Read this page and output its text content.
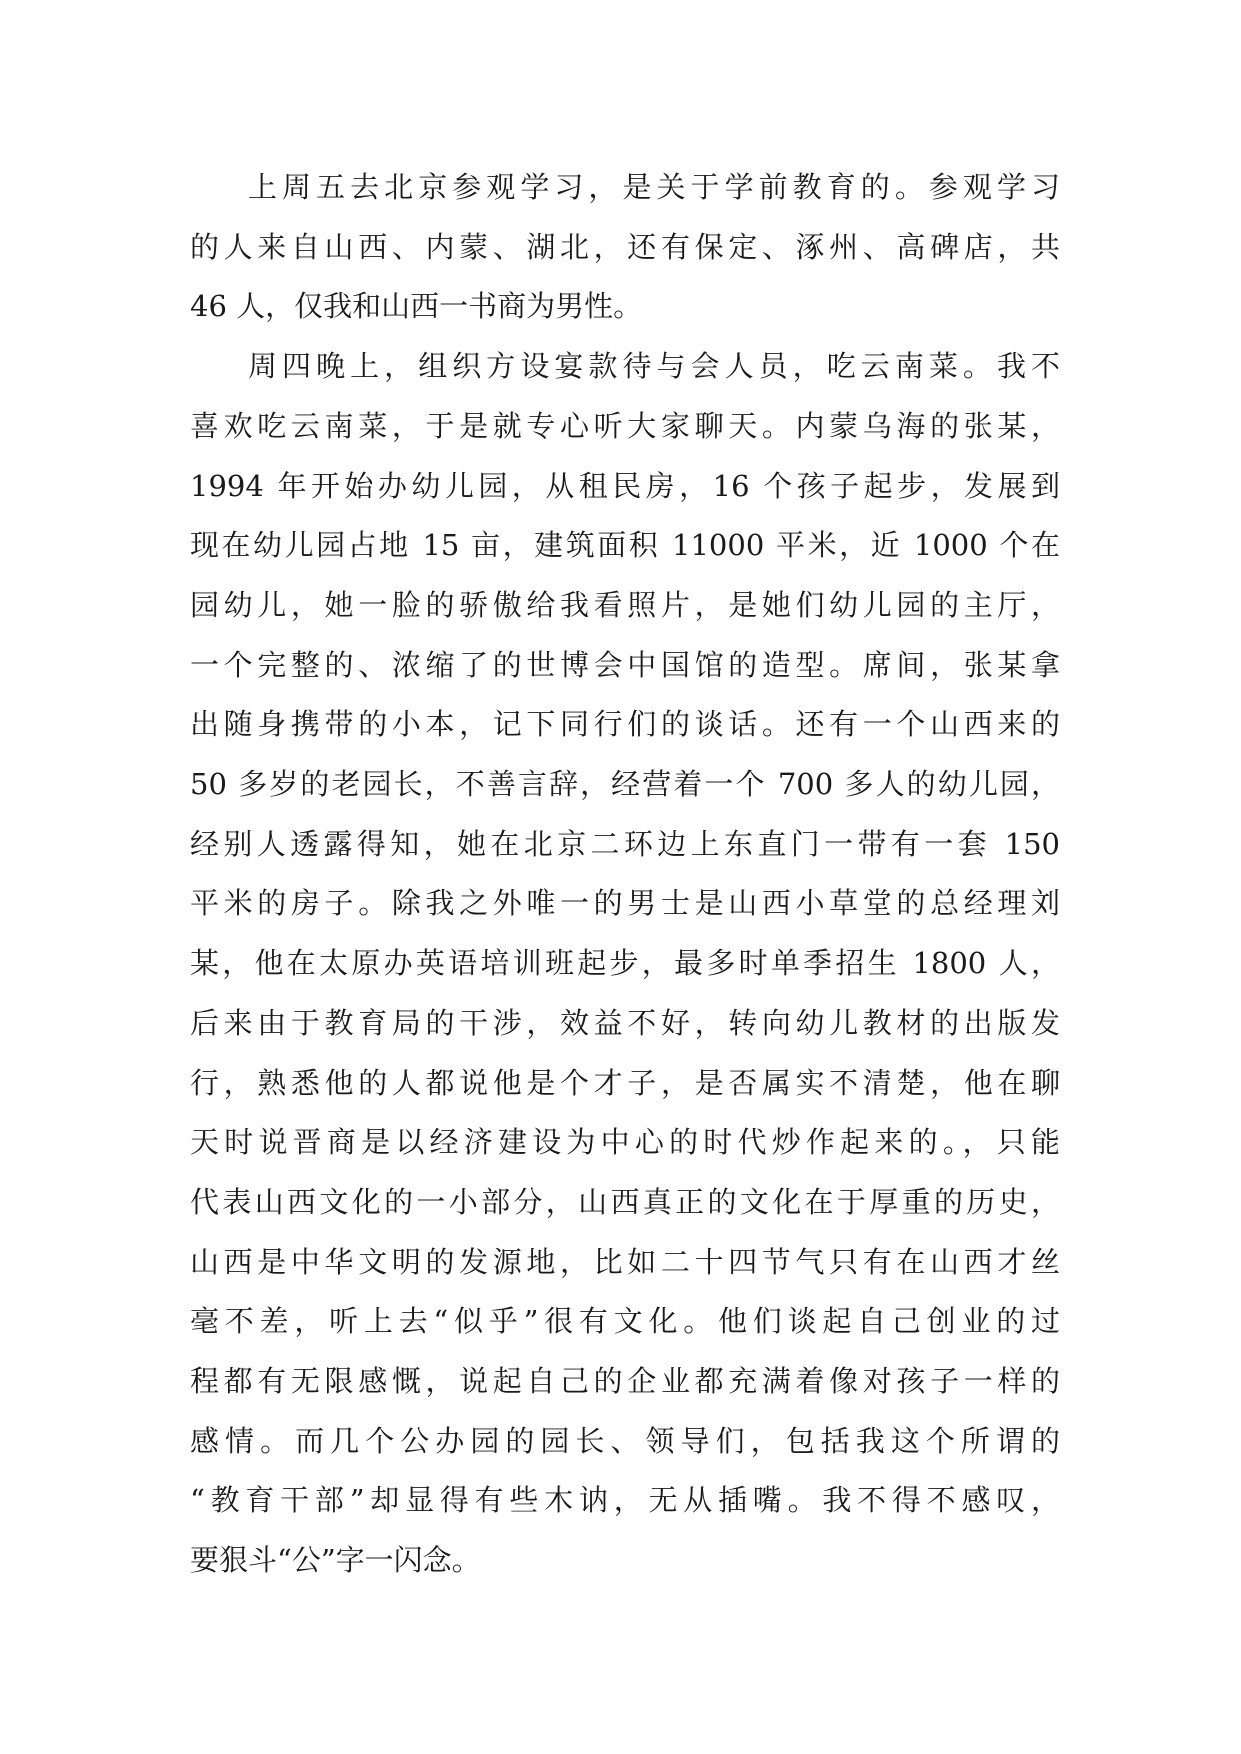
上周五去北京参观学习，是关于学前教育的。参观学习
的人来自山西、内蒙、湖北，还有保定、涿州、高碑店，共
46 人，仅我和山西一书商为男性。
周四晚上，组织方设宴款待与会人员，吃云南菜。我不
喜欢吃云南菜，于是就专心听大家聊天。内蒙乌海的张某，
1994 年开始办幼儿园，从租民房，16 个孩子起步，发展到
现在幼儿园占地 15 亩，建筑面积 11000 平米，近 1000 个在
园幼儿，她一脸的骄傲给我看照片，是她们幼儿园的主厅，
一个完整的、浓缩了的世博会中国馆的造型。席间，张某拿
出随身携带的小本，记下同行们的谈话。还有一个山西来的
50 多岁的老园长，不善言辞，经营着一个 700 多人的幼儿园，
经别人透露得知，她在北京二环边上东直门一带有一套 150
平米的房子。除我之外唯一的男士是山西小草堂的总经理刘
某，他在太原办英语培训班起步，最多时单季招生 1800 人，
后来由于教育局的干涉，效益不好，转向幼儿教材的出版发
行，熟悉他的人都说他是个才子，是否属实不清楚，他在聊
天时说晋商是以经济建设为中心的时代炒作起来的。，只能
代表山西文化的一小部分，山西真正的文化在于厚重的历史，
山西是中华文明的发源地，比如二十四节气只有在山西才丝
毫不差，听上去“似乎”很有文化。他们谈起自己创业的过
程都有无限感慨，说起自己的企业都充满着像对孩子一样的
感情。而几个公办园的园长、领导们，包括我这个所谓的
“教育干部”却显得有些木讷，无从插嘴。我不得不感叹，
要狠斗“公”字一闪念。
